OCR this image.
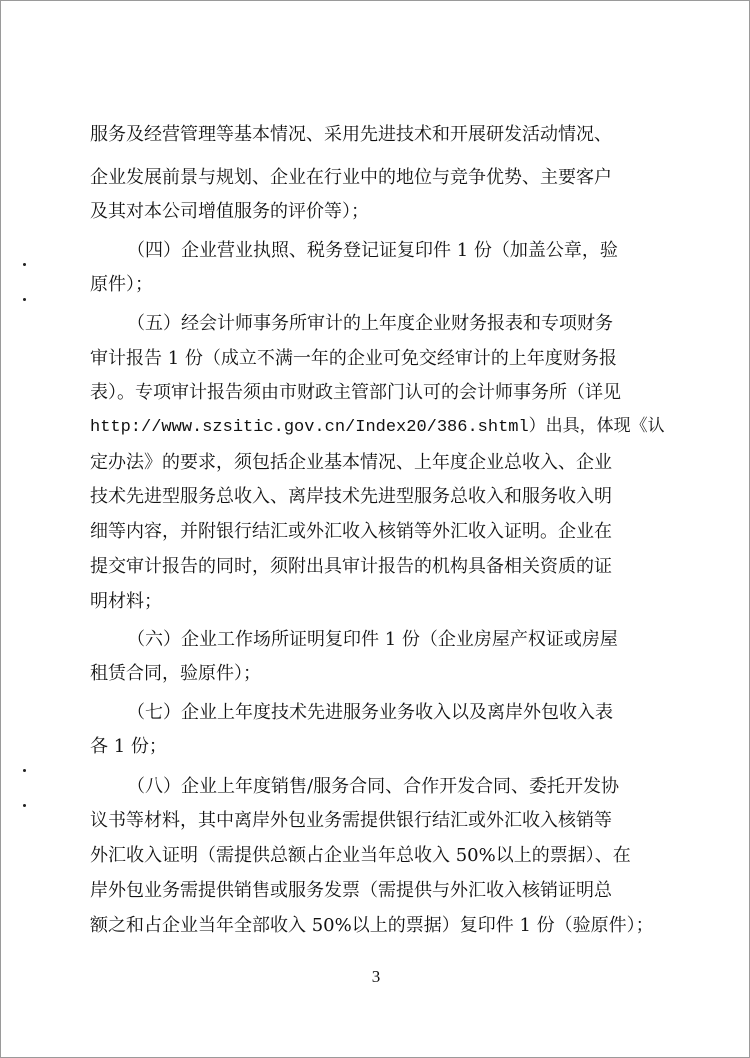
服务及经营管理等基本情况、采用先进技术和开展研发活动情况、
企业发展前景与规划、企业在行业中的地位与竞争优势、主要客户
及其对本公司增值服务的评价等）；
（四）企业营业执照、税务登记证复印件 1 份（加盖公章，验
原件）；
（五）经会计师事务所审计的上年度企业财务报表和专项财务
审计报告 1 份（成立不满一年的企业可免交经审计的上年度财务报
表）。专项审计报告须由市财政主管部门认可的会计师事务所（详见
http://www.szsitic.gov.cn/Index20/386.shtml）出具，体现《认
定办法》的要求，须包括企业基本情况、上年度企业总收入、企业
技术先进型服务总收入、离岸技术先进型服务总收入和服务收入明
细等内容，并附银行结汇或外汇收入核销等外汇收入证明。企业在
提交审计报告的同时，须附出具审计报告的机构具备相关资质的证
明材料；
（六）企业工作场所证明复印件 1 份（企业房屋产权证或房屋
租赁合同，验原件）；
（七）企业上年度技术先进服务业务收入以及离岸外包收入表
各 1 份；
（八）企业上年度销售/服务合同、合作开发合同、委托开发协
议书等材料，其中离岸外包业务需提供银行结汇或外汇收入核销等
外汇收入证明（需提供总额占企业当年总收入 50%以上的票据）、在
岸外包业务需提供销售或服务发票（需提供与外汇收入核销证明总
额之和占企业当年全部收入 50%以上的票据）复印件 1 份（验原件）；
3
